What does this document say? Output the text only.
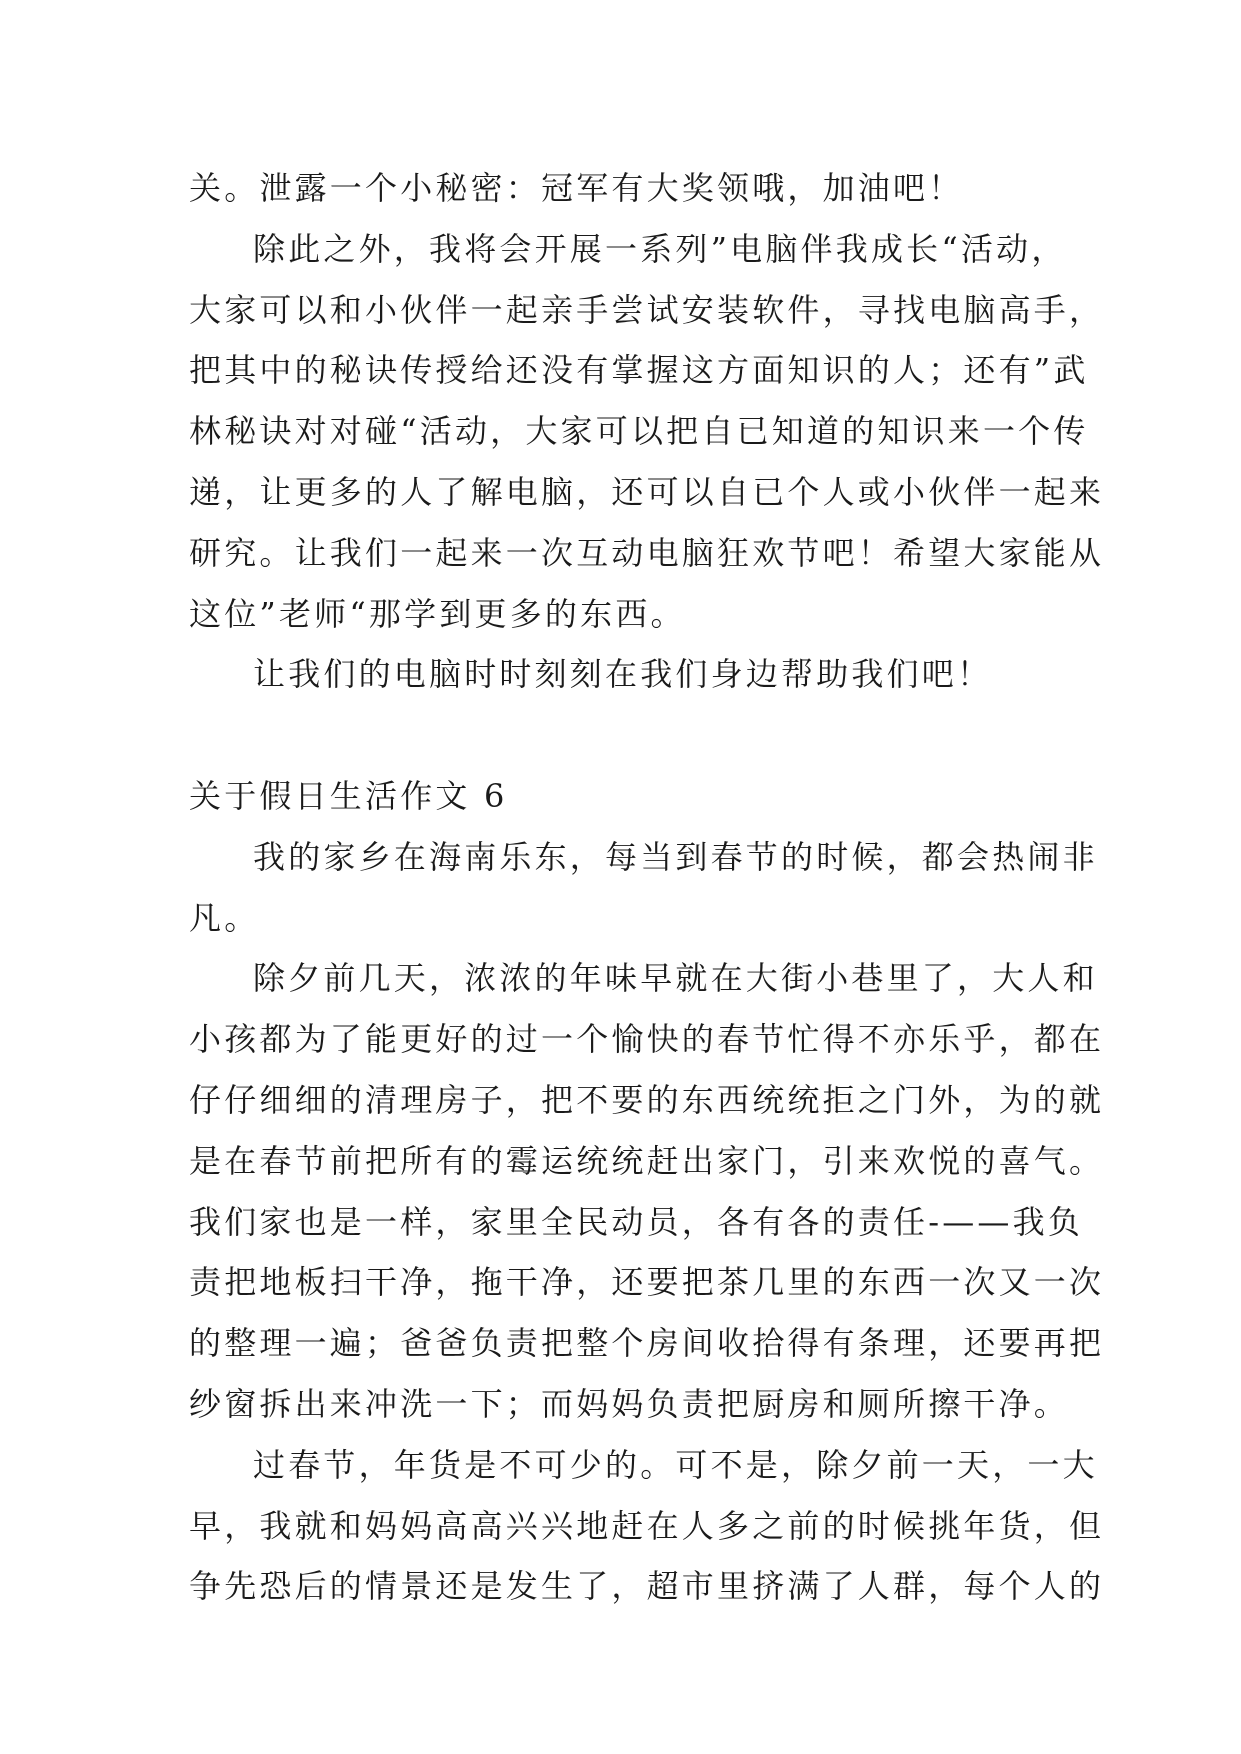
关。泄露一个小秘密：冠军有大奖领哦，加油吧！
除此之外，我将会开展一系列”电脑伴我成长“活动，
大家可以和小伙伴一起亲手尝试安装软件，寻找电脑高手，
把其中的秘诀传授给还没有掌握这方面知识的人；还有”武
林秘诀对对碰“活动，大家可以把自已知道的知识来一个传
递，让更多的人了解电脑，还可以自已个人或小伙伴一起来
研究。让我们一起来一次互动电脑狂欢节吧！希望大家能从
这位”老师“那学到更多的东西。
让我们的电脑时时刻刻在我们身边帮助我们吧！
关于假日生活作文 6
我的家乡在海南乐东，每当到春节的时候，都会热闹非
凡。
除夕前几天，浓浓的年味早就在大街小巷里了，大人和
小孩都为了能更好的过一个愉快的春节忙得不亦乐乎，都在
仔仔细细的清理房子，把不要的东西统统拒之门外，为的就
是在春节前把所有的霉运统统赶出家门，引来欢悦的喜气。
我们家也是一样，家里全民动员，各有各的责任-——我负
责把地板扫干净，拖干净，还要把茶几里的东西一次又一次
的整理一遍；爸爸负责把整个房间收拾得有条理，还要再把
纱窗拆出来冲洗一下；而妈妈负责把厨房和厕所擦干净。
过春节，年货是不可少的。可不是，除夕前一天，一大
早，我就和妈妈高高兴兴地赶在人多之前的时候挑年货，但
争先恐后的情景还是发生了，超市里挤满了人群，每个人的
